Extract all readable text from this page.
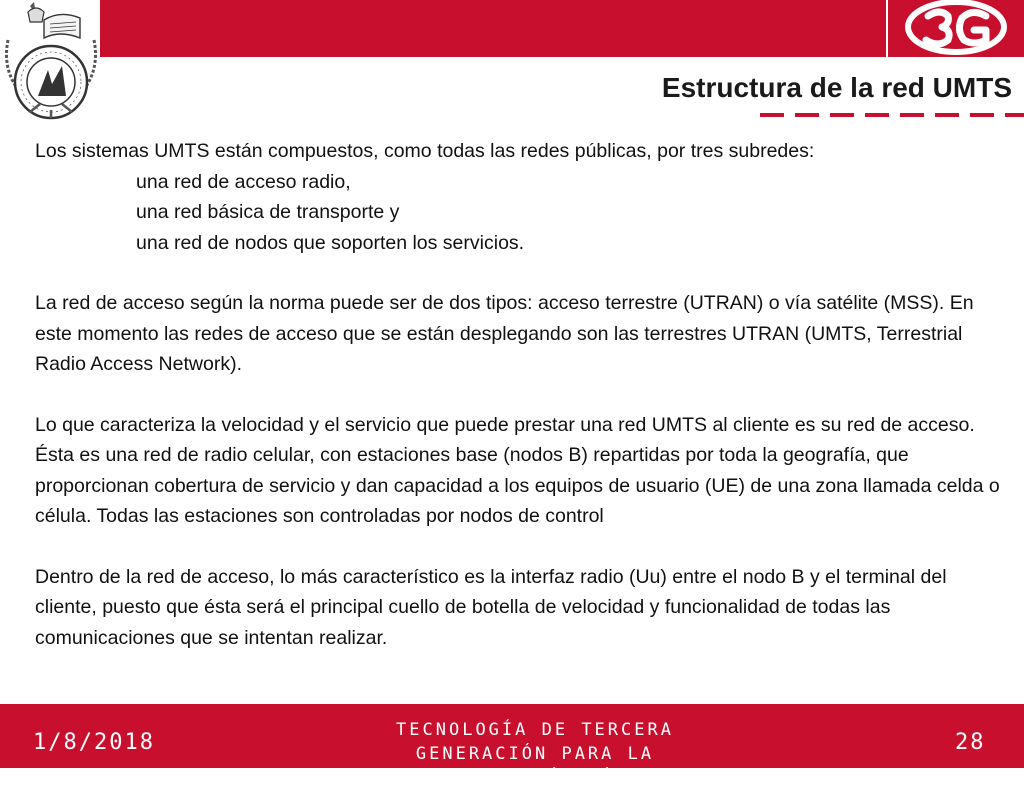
Estructura de la red UMTS

Los sistemas UMTS están compuestos, como todas las redes públicas, por tres subredes:

una red de acceso radio,

una red básica de transporte y

una red de nodos que soporten los servicios.

La red de acceso según la norma puede ser de dos tipos: acceso terrestre (UTRAN) o vía satélite (MSS). En este momento las redes de acceso que se están desplegando son las terrestres UTRAN (UMTS, Terrestrial Radio Access Network).

Lo que caracteriza la velocidad y el servicio que puede prestar una red UMTS al cliente es su red de acceso. Ésta es una red de radio celular, con estaciones base (nodos B) repartidas por toda la geografía, que proporcionan cobertura de servicio y dan capacidad a los equipos de usuario (UE) de una zona llamada celda o célula. Todas las estaciones son controladas por nodos de control

Dentro de la red de acceso, lo más característico es la interfaz radio (Uu) entre el nodo B y el terminal del cliente, puesto que ésta será el principal cuello de botella de velocidad y funcionalidad de todas las comunicaciones que se intentan realizar.

1/8/2018	TECNOLOGÍA DE TERCERA GENERACIÓN PARA LA COMUNICACIÓN MÓVIL
28
